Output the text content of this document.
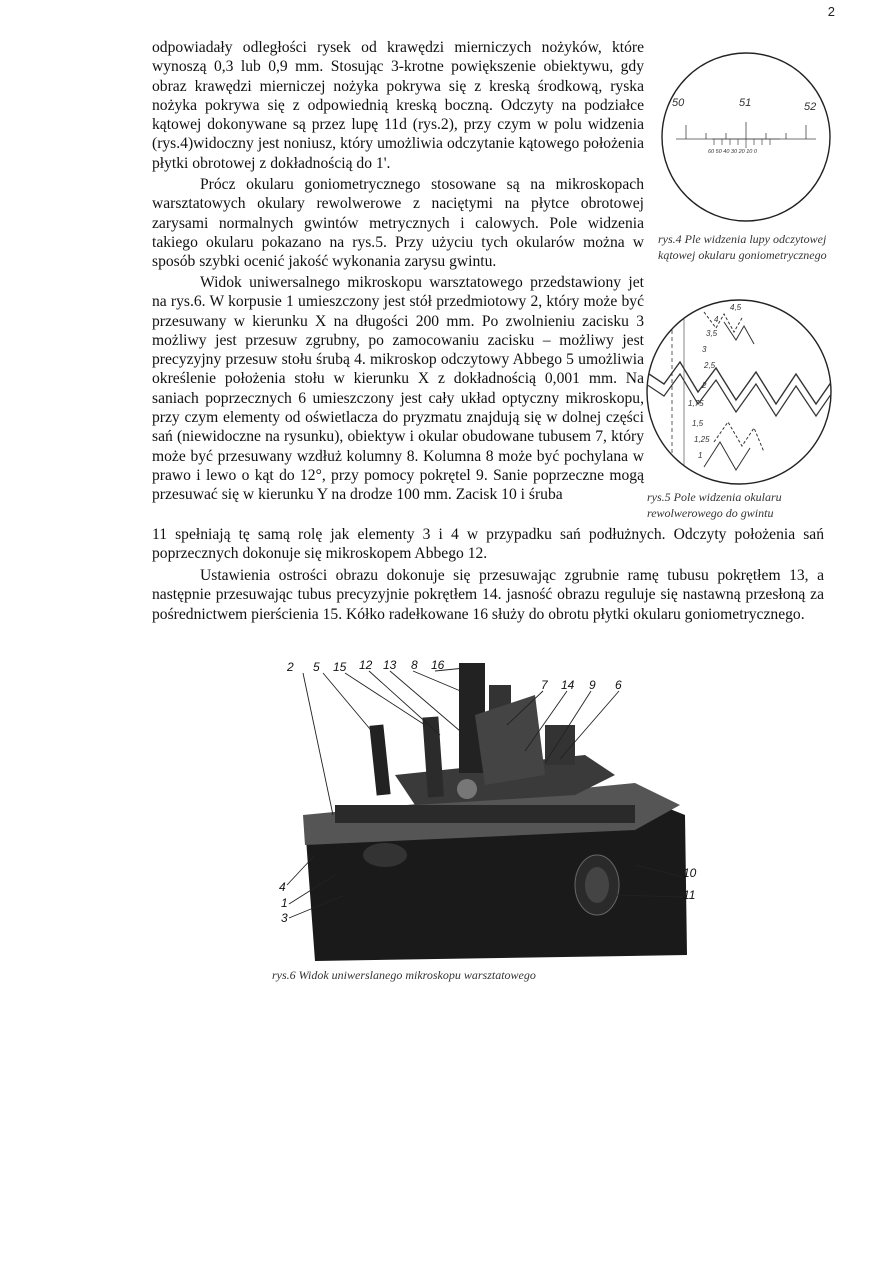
2

odpowiadały odległości rysek od krawędzi mierniczych nożyków, które wynoszą 0,3 lub 0,9 mm. Stosując 3-krotne powiększenie obiektywu, gdy obraz krawędzi mierniczej nożyka pokrywa się z kreską środkową, ryska nożyka pokrywa się z odpowiednią kreską boczną. Odczyty na podziałce kątowej dokonywane są przez lupę 11d (rys.2), przy czym w polu widzenia (rys.4)widoczny jest noniusz, który umożliwia odczytanie kątowego położenia płytki obrotowej z dokładnością do 1'.

Prócz okularu goniometrycznego stosowane są na mikroskopach warsztatowych okulary rewolwerowe z naciętymi na płytce obrotowej zarysami normalnych gwintów metrycznych i calowych. Pole widzenia takiego okularu pokazano na rys.5. Przy użyciu tych okularów można w sposób szybki ocenić jakość wykonania zarysu gwintu.

Widok uniwersalnego mikroskopu warsztatowego przedstawiony jet na rys.6. W korpusie 1 umieszczony jest stół przedmiotowy 2, który może być przesuwany w kierunku X na długości 200 mm. Po zwolnieniu zacisku 3 możliwy jest przesuw zgrubny, po zamocowaniu zacisku – możliwy jest precyzyjny przesuw stołu śrubą 4. mikroskop odczytowy Abbego 5 umożliwia określenie położenia stołu w kierunku X z dokładnością 0,001 mm. Na saniach poprzecznych 6 umieszczony jest cały układ optyczny mikroskopu, przy czym elementy od oświetlacza do pryzmatu znajdują się w dolnej części sań (niewidoczne na rysunku), obiektyw i okular obudowane tubusem 7, który może być przesuwany wzdłuż kolumny 8. Kolumna 8 może być pochylana w prawo i lewo o kąt do 12°, przy pomocy pokrętel 9. Sanie poprzeczne mogą przesuwać się w kierunku Y na drodze 100 mm. Zacisk 10 i śruba

11 spełniają tę samą rolę jak elementy 3 i 4 w przypadku sań podłużnych. Odczyty położenia sań poprzecznych dokonuje się mikroskopem Abbego 12.

Ustawienia ostrości obrazu dokonuje się przesuwając zgrubnie ramę tubusu pokrętłem 13, a następnie przesuwając tubus precyzyjnie pokrętłem 14. jasność obrazu reguluje się nastawną przesłoną za pośrednictwem pierścienia 15. Kółko radełkowane 16 służy do obrotu płytki okularu goniometrycznego.

50	51	52
60 50 40 30 20 10 0

rys.4 Ple widzenia lupy odczytowej kątowej okularu goniometrycznego

4,5
4
3,5
3
2,5
2
1,75
1,5
1,25
1

rys.5 Pole widzenia okularu rewolwerowego do gwintu

2 5 15 12 13 8 16
7 14 9 6
10
11
4
1
3

rys.6 Widok uniwerslanego mikroskopu warsztatowego
